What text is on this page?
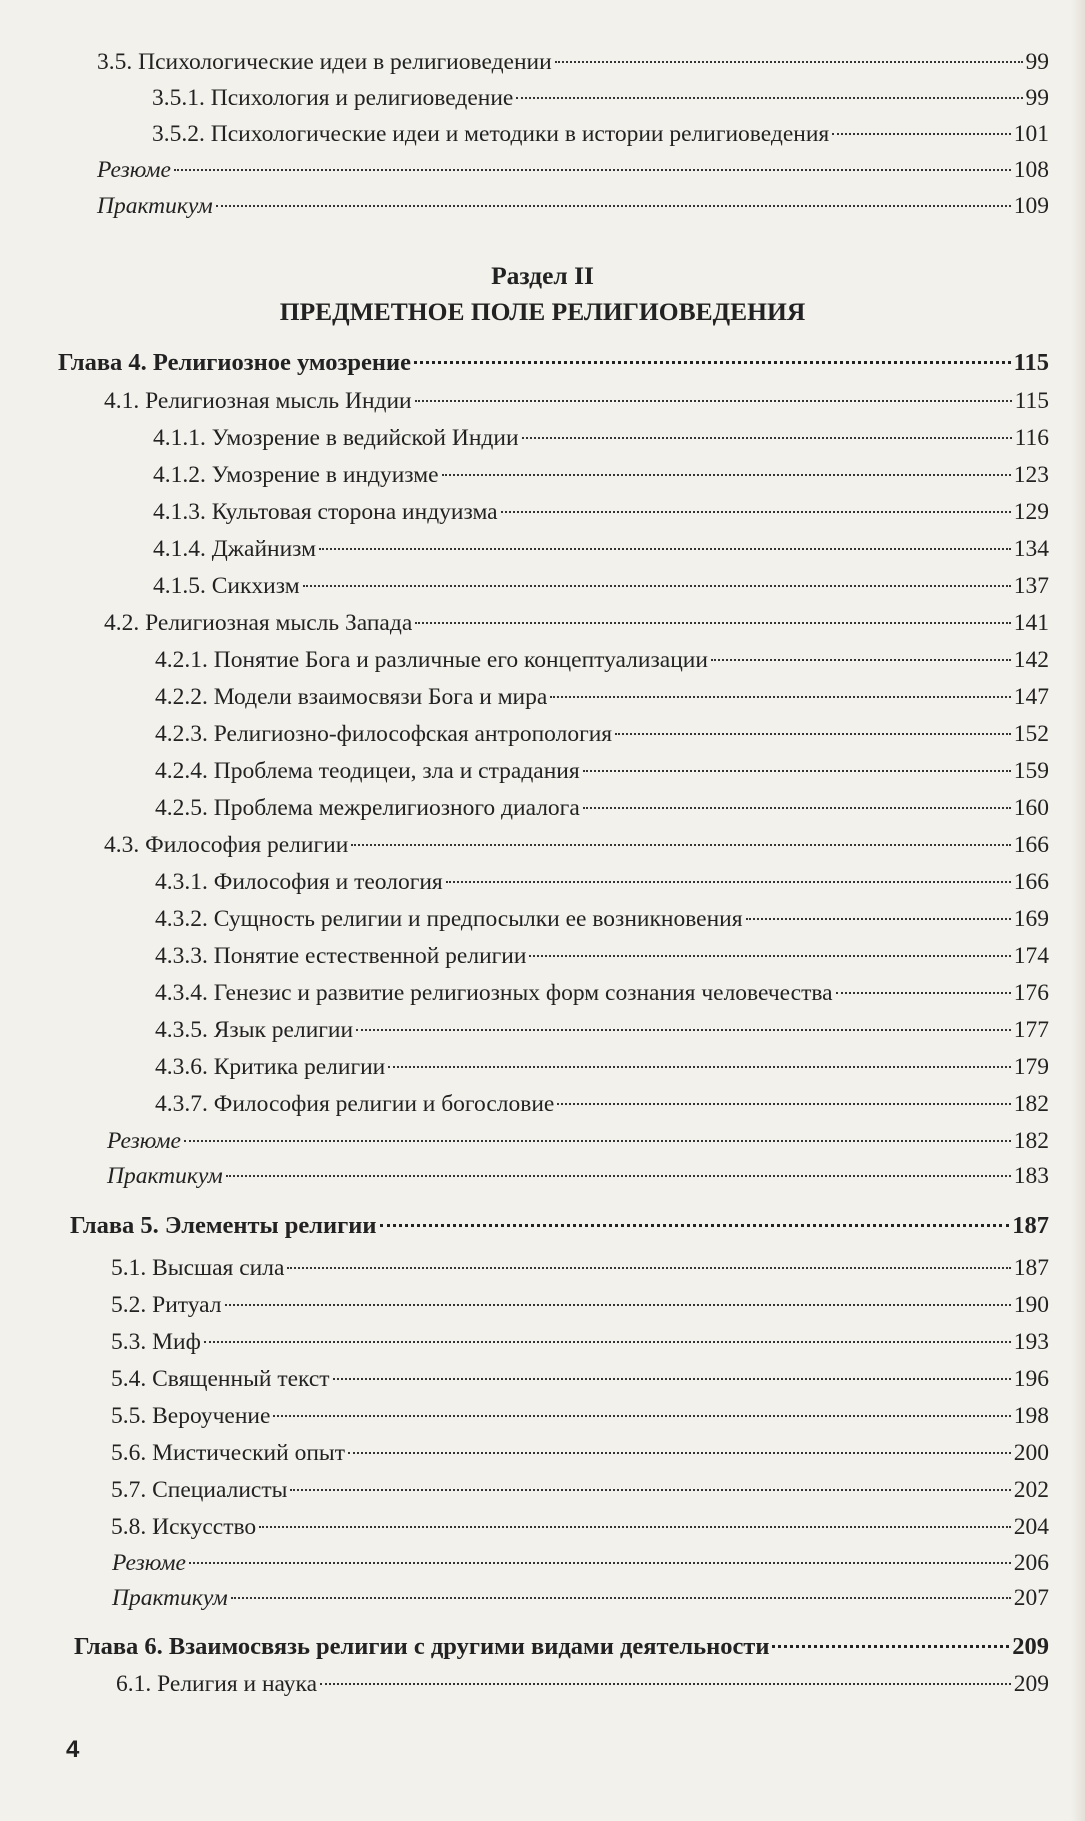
3.5. Психологические идеи в религиоведении	99
3.5.1. Психология и религиоведение	99
3.5.2. Психологические идеи и методики в истории религиоведения	101
Резюме	108
Практикум	109
Раздел II
ПРЕДМЕТНОЕ ПОЛЕ РЕЛИГИОВЕДЕНИЯ
Глава 4. Религиозное умозрение	115
4.1. Религиозная мысль Индии	115
4.1.1. Умозрение в ведийской Индии	116
4.1.2. Умозрение в индуизме	123
4.1.3. Культовая сторона индуизма	129
4.1.4. Джайнизм	134
4.1.5. Сикхизм	137
4.2. Религиозная мысль Запада	141
4.2.1. Понятие Бога и различные его концептуализации	142
4.2.2. Модели взаимосвязи Бога и мира	147
4.2.3. Религиозно-философская антропология	152
4.2.4. Проблема теодицеи, зла и страдания	159
4.2.5. Проблема межрелигиозного диалога	160
4.3. Философия религии	166
4.3.1. Философия и теология	166
4.3.2. Сущность религии и предпосылки ее возникновения	169
4.3.3. Понятие естественной религии	174
4.3.4. Генезис и развитие религиозных форм сознания человечества	176
4.3.5. Язык религии	177
4.3.6. Критика религии	179
4.3.7. Философия религии и богословие	182
Резюме	182
Практикум	183
Глава 5. Элементы религии	187
5.1. Высшая сила	187
5.2. Ритуал	190
5.3. Миф	193
5.4. Священный текст	196
5.5. Вероучение	198
5.6. Мистический опыт	200
5.7. Специалисты	202
5.8. Искусство	204
Резюме	206
Практикум	207
Глава 6. Взаимосвязь религии с другими видами деятельности	209
6.1. Религия и наука	209
4
